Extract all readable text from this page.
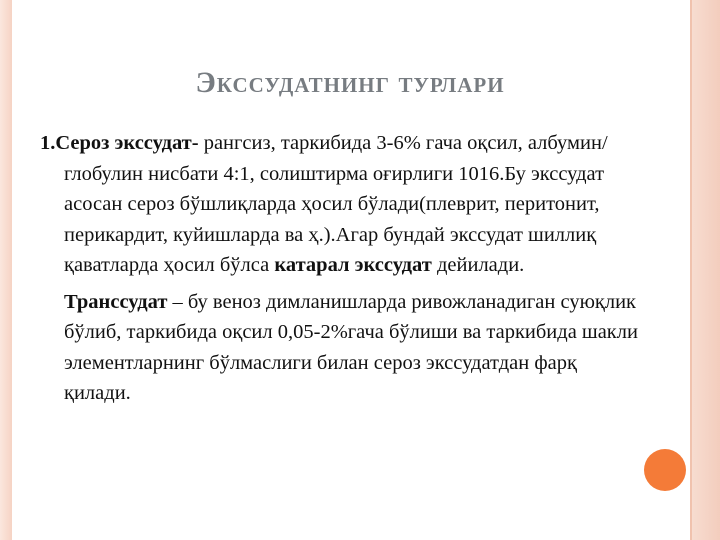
Экссудатнинг турлари

1.Сероз экссудат- рангсиз, таркибида 3-6% гача оқсил, албумин/глобулин нисбати 4:1, солиштирма оғирлиги 1016.Бу экссудат асосан сероз бўшлиқларда ҳосил бўлади(плеврит, перитонит, перикардит, куйишларда ва ҳ.).Агар бундай экссудат шиллиқ қаватларда ҳосил бўлса катарал экссудат дейилади.

Транссудат – бу веноз димланишларда ривожланадиган суюқлик бўлиб, таркибида оқсил 0,05-2%гача бўлиши ва таркибида шакли элементларнинг бўлмаслиги билан сероз экссудатдан фарқ қилади.
